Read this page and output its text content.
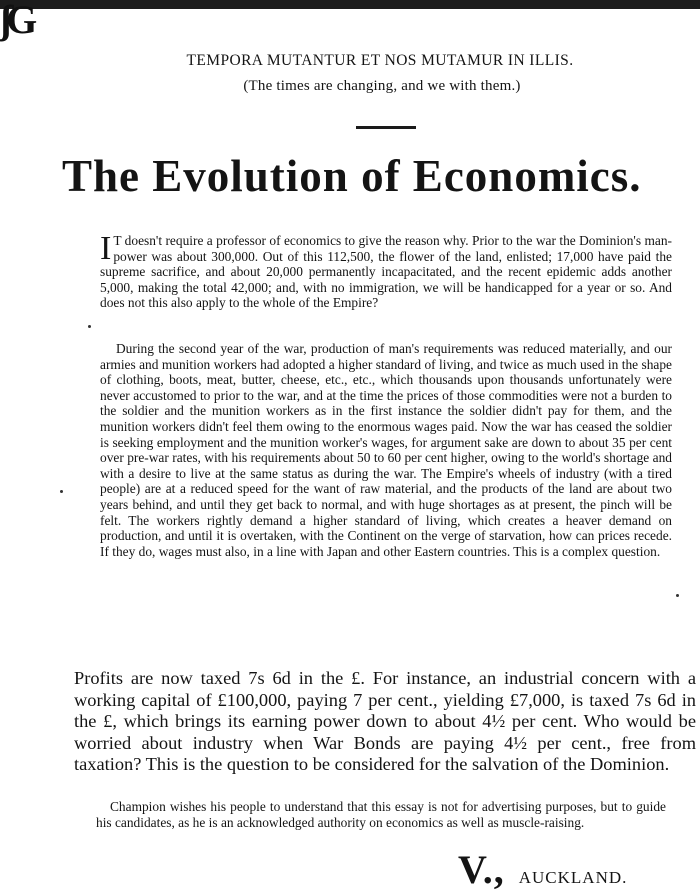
ʃG
TEMPORA MUTANTUR ET NOS MUTAMUR IN ILLIS.
(The times are changing, and we with them.)
The Evolution of Economics.
I T doesn't require a professor of economics to give the reason why. Prior to the war the Dominion's man-power was about 300,000. Out of this 112,500, the flower of the land, enlisted; 17,000 have paid the supreme sacrifice, and about 20,000 permanently incapacitated, and the recent epidemic adds another 5,000, making the total 42,000; and, with no immigration, we will be handicapped for a year or so. And does not this also apply to the whole of the Empire?
During the second year of the war, production of man's requirements was reduced materially, and our armies and munition workers had adopted a higher standard of living, and twice as much used in the shape of clothing, boots, meat, butter, cheese, etc., etc., which thousands upon thousands unfortunately were never accustomed to prior to the war, and at the time the prices of those commodities were not a burden to the soldier and the munition workers as in the first instance the soldier didn't pay for them, and the munition workers didn't feel them owing to the enormous wages paid. Now the war has ceased the soldier is seeking employment and the munition worker's wages, for argument sake are down to about 35 per cent over pre-war rates, with his requirements about 50 to 60 per cent higher, owing to the world's shortage and with a desire to live at the same status as during the war. The Empire's wheels of industry (with a tired people) are at a reduced speed for the want of raw material, and the products of the land are about two years behind, and until they get back to normal, and with huge shortages as at present, the pinch will be felt. The workers rightly demand a higher standard of living, which creates a heaver demand on production, and until it is overtaken, with the Continent on the verge of starvation, how can prices recede. If they do, wages must also, in a line with Japan and other Eastern countries. This is a complex question.
Profits are now taxed 7s 6d in the £. For instance, an industrial concern with a working capital of £100,000, paying 7 per cent., yielding £7,000, is taxed 7s 6d in the £, which brings its earning power down to about 4½ per cent. Who would be worried about industry when War Bonds are paying 4½ per cent., free from taxation? This is the question to be considered for the salvation of the Dominion.
Champion wishes his people to understand that this essay is not for advertising purposes, but to guide his candidates, as he is an acknowledged authority on economics as well as muscle-raising.
V., AUCKLAND.
